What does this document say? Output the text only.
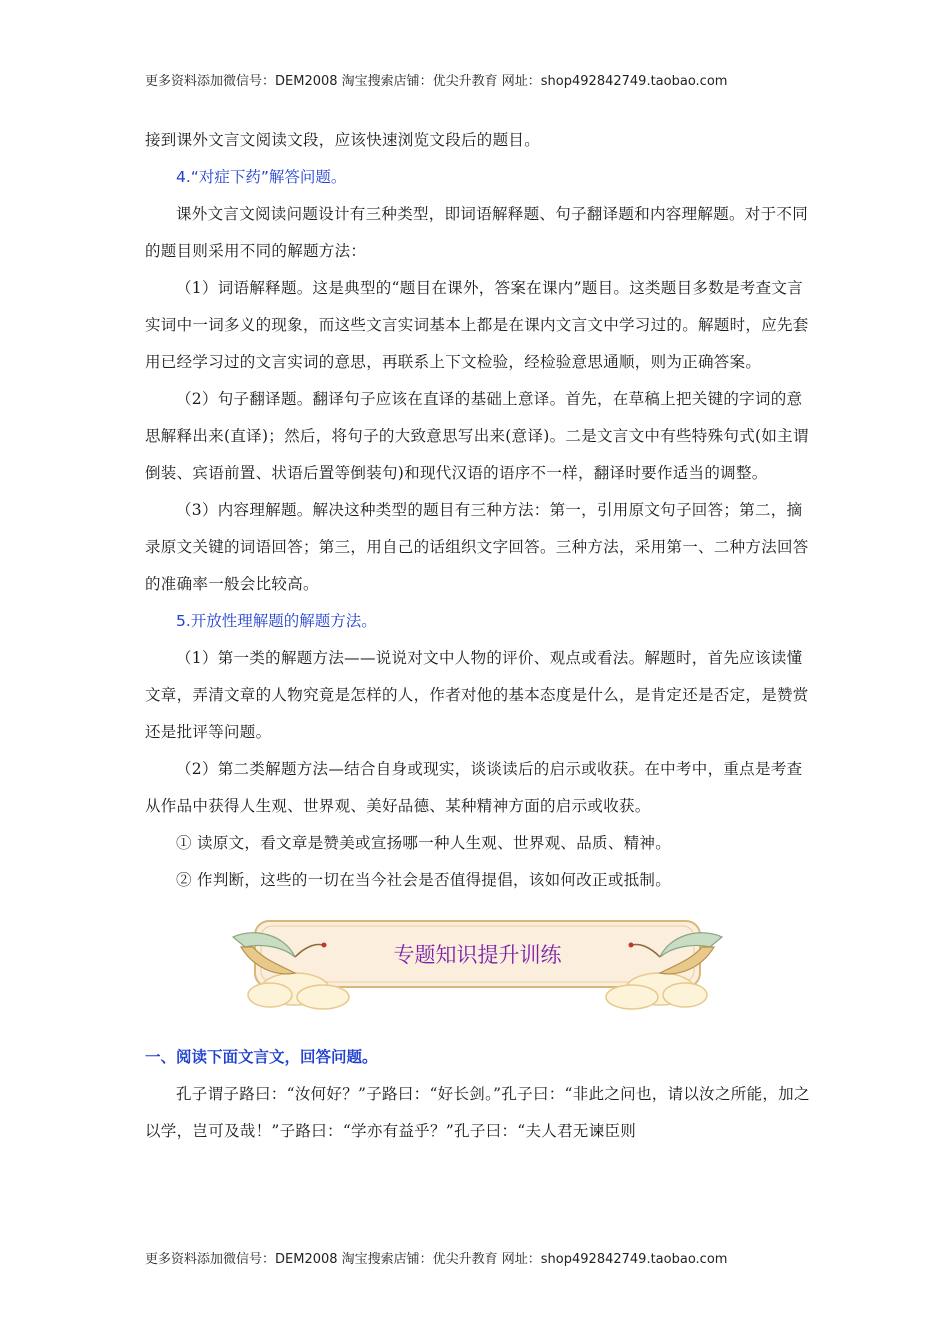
更多资料添加微信号：DEM2008 淘宝搜索店铺：优尖升教育 网址：shop492842749.taobao.com

接到课外文言文阅读文段，应该快速浏览文段后的题目。

4.“对症下药”解答问题。

课外文言文阅读问题设计有三种类型，即词语解释题、句子翻译题和内容理解题。对于不同的题目则采用不同的解题方法：

（1）词语解释题。这是典型的“题目在课外，答案在课内”题目。这类题目多数是考查文言实词中一词多义的现象，而这些文言实词基本上都是在课内文言文中学习过的。解题时，应先套用已经学习过的文言实词的意思，再联系上下文检验，经检验意思通顺，则为正确答案。

（2）句子翻译题。翻译句子应该在直译的基础上意译。首先，在草稿上把关键的字词的意思解释出来(直译)；然后，将句子的大致意思写出来(意译)。二是文言文中有些特殊句式(如主谓倒装、宾语前置、状语后置等倒装句)和现代汉语的语序不一样，翻译时要作适当的调整。

（3）内容理解题。解决这种类型的题目有三种方法：第一，引用原文句子回答；第二，摘录原文关键的词语回答；第三，用自己的话组织文字回答。三种方法，采用第一、二种方法回答的准确率一般会比较高。

5.开放性理解题的解题方法。

（1）第一类的解题方法——说说对文中人物的评价、观点或看法。解题时，首先应该读懂文章，弄清文章的人物究竟是怎样的人，作者对他的基本态度是什么，是肯定还是否定，是赞赏还是批评等问题。

（2）第二类解题方法—结合自身或现实，谈谈读后的启示或收获。在中考中，重点是考查从作品中获得人生观、世界观、美好品德、某种精神方面的启示或收获。

① 读原文，看文章是赞美或宣扬哪一种人生观、世界观、品质、精神。

② 作判断，这些的一切在当今社会是否值得提倡，该如何改正或抵制。

专题知识提升训练

一、阅读下面文言文，回答问题。

孔子谓子路曰：“汝何好？”子路曰：“好长剑。”孔子曰：“非此之问也，请以汝之所能，加之以学，岂可及哉！”子路曰：“学亦有益乎？”孔子曰：“夫人君无谏臣则

更多资料添加微信号：DEM2008 淘宝搜索店铺：优尖升教育 网址：shop492842749.taobao.com
